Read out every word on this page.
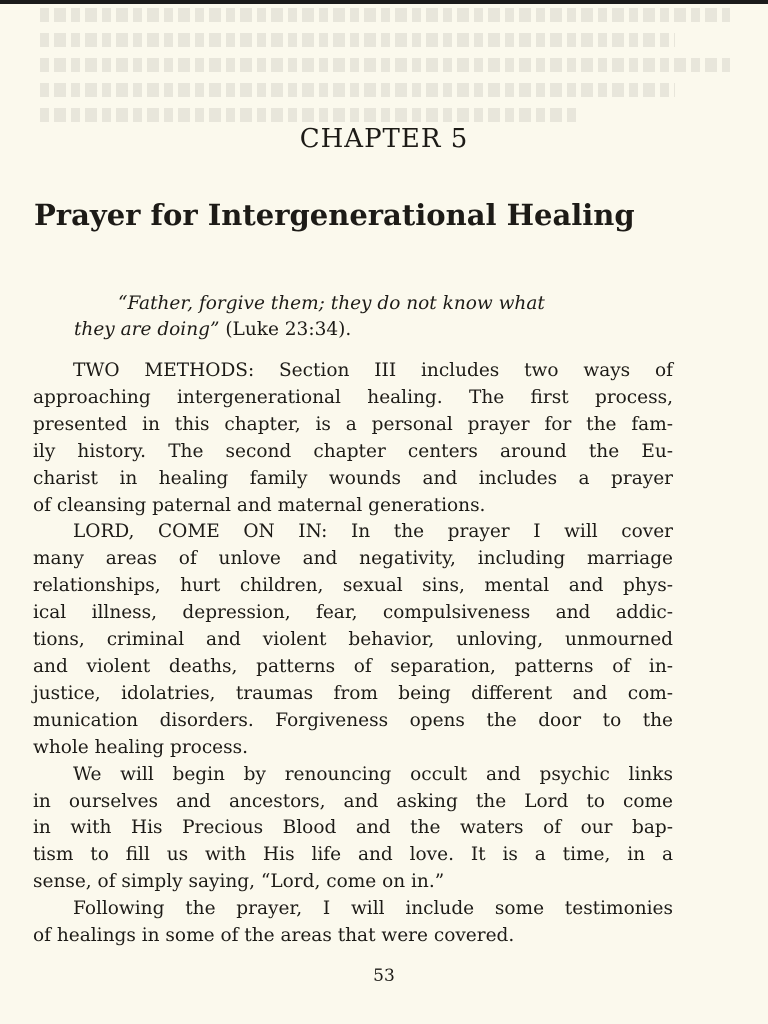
CHAPTER 5
Prayer for Intergenerational Healing
“Father, forgive them; they do not know what
they are doing” (Luke 23:34).
TWO METHODS: Section III includes two ways of
approaching intergenerational healing. The first process,
presented in this chapter, is a personal prayer for the fam-
ily history. The second chapter centers around the Eu-
charist in healing family wounds and includes a prayer
of cleansing paternal and maternal generations.
LORD, COME ON IN: In the prayer I will cover
many areas of unlove and negativity, including marriage
relationships, hurt children, sexual sins, mental and phys-
ical illness, depression, fear, compulsiveness and addic-
tions, criminal and violent behavior, unloving, unmourned
and violent deaths, patterns of separation, patterns of in-
justice, idolatries, traumas from being different and com-
munication disorders. Forgiveness opens the door to the
whole healing process.
We will begin by renouncing occult and psychic links
in ourselves and ancestors, and asking the Lord to come
in with His Precious Blood and the waters of our bap-
tism to fill us with His life and love. It is a time, in a
sense, of simply saying, “Lord, come on in.”
Following the prayer, I will include some testimonies
of healings in some of the areas that were covered.
53
